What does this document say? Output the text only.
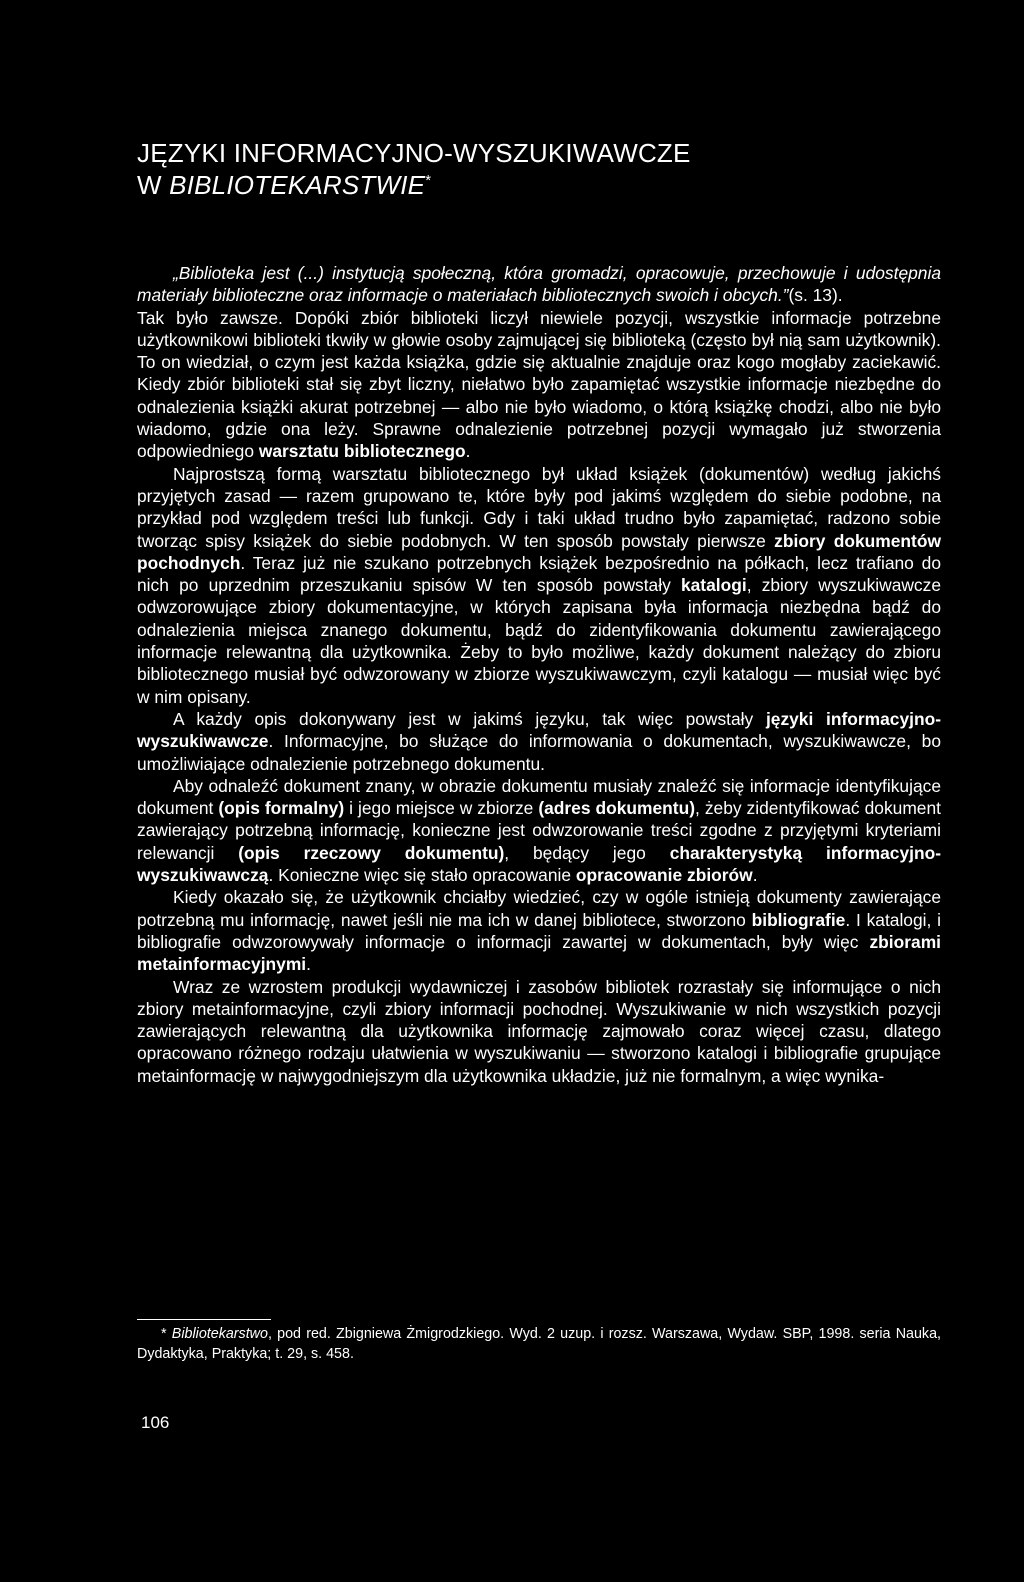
JĘZYKI INFORMACYJNO-WYSZUKIWAWCZE
W BIBLIOTEKARSTWIE*

„Biblioteka jest (...) instytucją społeczną, która gromadzi, opracowuje, przechowuje i udostępnia materiały biblioteczne oraz informacje o materiałach bibliotecznych swoich i obcych.”(s. 13).

Tak było zawsze. Dopóki zbiór biblioteki liczył niewiele pozycji, wszystkie informacje potrzebne użytkownikowi biblioteki tkwiły w głowie osoby zajmującej się biblioteką (często był nią sam użytkownik). To on wiedział, o czym jest każda książka, gdzie się aktualnie znajduje oraz kogo mogłaby zaciekawić. Kiedy zbiór biblioteki stał się zbyt liczny, niełatwo było zapamiętać wszystkie informacje niezbędne do odnalezienia książki akurat potrzebnej — albo nie było wiadomo, o którą książkę chodzi, albo nie było wiadomo, gdzie ona leży. Sprawne odnalezienie potrzebnej pozycji wymagało już stworzenia odpowiedniego warsztatu bibliotecznego.

Najprostszą formą warsztatu bibliotecznego był układ książek (dokumentów) według jakichś przyjętych zasad — razem grupowano te, które były pod jakimś względem do siebie podobne, na przykład pod względem treści lub funkcji. Gdy i taki układ trudno było zapamiętać, radzono sobie tworząc spisy książek do siebie podobnych. W ten sposób powstały pierwsze zbiory dokumentów pochodnych. Teraz już nie szukano potrzebnych książek bezpośrednio na półkach, lecz trafiano do nich po uprzednim przeszukaniu spisów W ten sposób powstały katalogi, zbiory wyszukiwawcze odwzorowujące zbiory dokumentacyjne, w których zapisana była informacja niezbędna bądź do odnalezienia miejsca znanego dokumentu, bądź do zidentyfikowania dokumentu zawierającego informacje relewantną dla użytkownika. Żeby to było możliwe, każdy dokument należący do zbioru bibliotecznego musiał być odwzorowany w zbiorze wyszukiwawczym, czyli katalogu — musiał więc być w nim opisany.

A każdy opis dokonywany jest w jakimś języku, tak więc powstały języki informacyjno-wyszukiwawcze. Informacyjne, bo służące do informowania o dokumentach, wyszukiwawcze, bo umożliwiające odnalezienie potrzebnego dokumentu.

Aby odnaleźć dokument znany, w obrazie dokumentu musiały znaleźć się informacje identyfikujące dokument (opis formalny) i jego miejsce w zbiorze (adres dokumentu), żeby zidentyfikować dokument zawierający potrzebną informację, konieczne jest odwzorowanie treści zgodne z przyjętymi kryteriami relewancji (opis rzeczowy dokumentu), będący jego charakterystyką informacyjno-wyszukiwawczą. Konieczne więc się stało opracowanie opracowanie zbiorów.

Kiedy okazało się, że użytkownik chciałby wiedzieć, czy w ogóle istnieją dokumenty zawierające potrzebną mu informację, nawet jeśli nie ma ich w danej bibliotece, stworzono bibliografie. I katalogi, i bibliografie odwzorowywały informacje o informacji zawartej w dokumentach, były więc zbiorami metainformacyjnymi.

Wraz ze wzrostem produkcji wydawniczej i zasobów bibliotek rozrastały się informujące o nich zbiory metainformacyjne, czyli zbiory informacji pochodnej. Wyszukiwanie w nich wszystkich pozycji zawierających relewantną dla użytkownika informację zajmowało coraz więcej czasu, dlatego opracowano różnego rodzaju ułatwienia w wyszukiwaniu — stworzono katalogi i bibliografie grupujące metainformację w najwygodniejszym dla użytkownika układzie, już nie formalnym, a więc wynika-

* Bibliotekarstwo, pod red. Zbigniewa Żmigrodzkiego. Wyd. 2 uzup. i rozsz. Warszawa, Wydaw. SBP, 1998. seria Nauka, Dydaktyka, Praktyka; t. 29, s. 458.
106
